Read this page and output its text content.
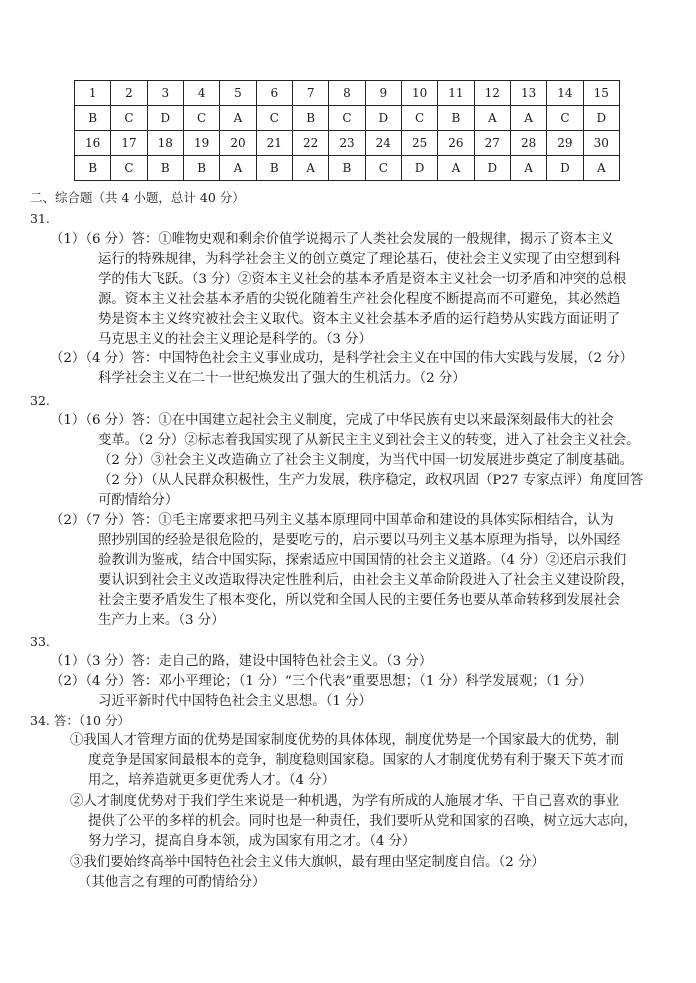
1	2	3	4	5	6	7	8	9	10	11	12	13	14	15
B	C	D	C	A	C	B	C	D	C	B	A	A	C	D
16	17	18	19	20	21	22	23	24	25	26	27	28	29	30
B	C	B	B	A	B	A	B	C	D	A	D	A	D	A
二、综合题（共 4 小题，总计 40 分）
31.
（1）（6 分）答：①唯物史观和剩余价值学说揭示了人类社会发展的一般规律，揭示了资本主义
运行的特殊规律，为科学社会主义的创立奠定了理论基石，使社会主义实现了由空想到科
学的伟大飞跃。（3 分）②资本主义社会的基本矛盾是资本主义社会一切矛盾和冲突的总根
源。资本主义社会基本矛盾的尖锐化随着生产社会化程度不断提高而不可避免，其必然趋
势是资本主义终究被社会主义取代。资本主义社会基本矛盾的运行趋势从实践方面证明了
马克思主义的社会主义理论是科学的。（3 分）
（2）（4 分）答：中国特色社会主义事业成功，是科学社会主义在中国的伟大实践与发展，（2 分）
科学社会主义在二十一世纪焕发出了强大的生机活力。（2 分）
32.
（1）（6 分）答：①在中国建立起社会主义制度，完成了中华民族有史以来最深刻最伟大的社会
变革。（2 分）②标志着我国实现了从新民主主义到社会主义的转变，进入了社会主义社会。
（2 分）③社会主义改造确立了社会主义制度，为当代中国一切发展进步奠定了制度基础。
（2 分）（从人民群众积极性，生产力发展，秩序稳定，政权巩固（P27 专家点评）角度回答
可酌情给分）
（2）（7 分）答：①毛主席要求把马列主义基本原理同中国革命和建设的具体实际相结合，认为
照抄别国的经验是很危险的，是要吃亏的，启示要以马列主义基本原理为指导，以外国经
验教训为鉴戒，结合中国实际，探索适应中国国情的社会主义道路。（4 分）②还启示我们
要认识到社会主义改造取得决定性胜利后，由社会主义革命阶段进入了社会主义建设阶段，
社会主要矛盾发生了根本变化，所以党和全国人民的主要任务也要从革命转移到发展社会
生产力上来。（3 分）
33.
（1）（3 分）答：走自己的路，建设中国特色社会主义。（3 分）
（2）（4 分）答：邓小平理论；（1 分）“三个代表”重要思想；（1 分）科学发展观；（1 分）
习近平新时代中国特色社会主义思想。（1 分）
34. 答：（10 分）
①我国人才管理方面的优势是国家制度优势的具体体现，制度优势是一个国家最大的优势，制
度竞争是国家间最根本的竞争，制度稳则国家稳。国家的人才制度优势有利于聚天下英才而
用之，培养造就更多更优秀人才。（4 分）
②人才制度优势对于我们学生来说是一种机遇，为学有所成的人施展才华、干自己喜欢的事业
提供了公平的多样的机会。同时也是一种责任，我们要听从党和国家的召唤，树立远大志向，
努力学习，提高自身本领，成为国家有用之才。（4 分）
③我们要始终高举中国特色社会主义伟大旗帜，最有理由坚定制度自信。（2 分）
（其他言之有理的可酌情给分）
